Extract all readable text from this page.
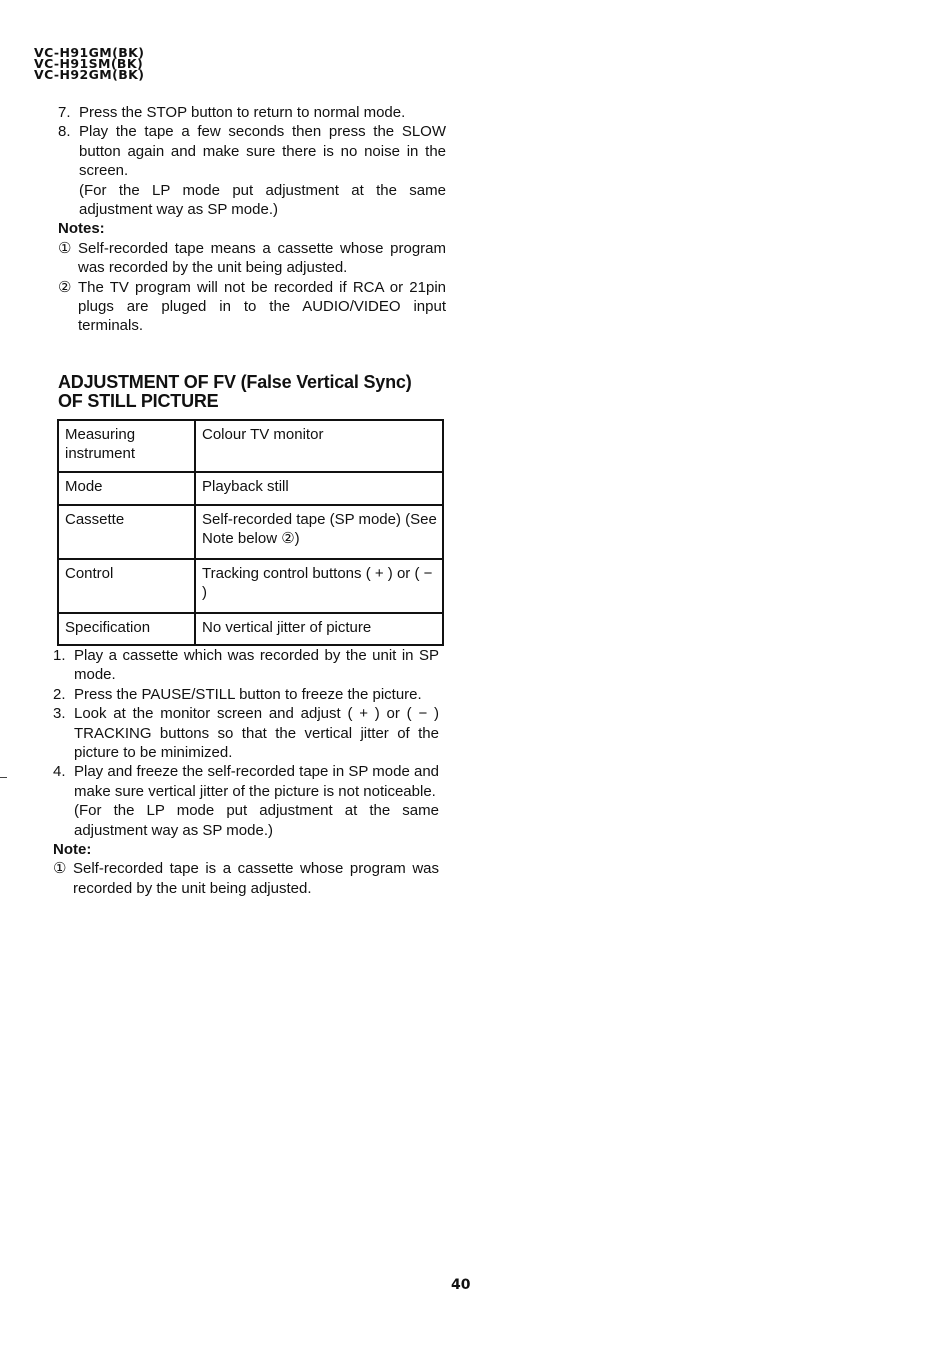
VC-H91GM(BK)
VC-H91SM(BK)
VC-H92GM(BK)
7. Press the STOP button to return to normal mode.
8. Play the tape a few seconds then press the SLOW button again and make sure there is no noise in the screen.
(For the LP mode put adjustment at the same adjustment way as SP mode.)
Notes:
① Self-recorded tape means a cassette whose program was recorded by the unit being adjusted.
② The TV program will not be recorded if RCA or 21pin plugs are pluged in to the AUDIO/VIDEO input terminals.
ADJUSTMENT OF FV (False Vertical Sync)
OF STILL PICTURE
Measuring instrument	Colour TV monitor
Mode	Playback still
Cassette	Self-recorded tape (SP mode) (See Note below ②)
Control	Tracking control buttons ( + ) or ( − )
Specification	No vertical jitter of picture
1. Play a cassette which was recorded by the unit in SP mode.
2. Press the PAUSE/STILL button to freeze the picture.
3. Look at the monitor screen and adjust ( + ) or ( − ) TRACKING buttons so that the vertical jitter of the picture to be minimized.
4. Play and freeze the self-recorded tape in SP mode and make sure vertical jitter of the picture is not noticeable.
(For the LP mode put adjustment at the same adjustment way as SP mode.)
Note:
① Self-recorded tape is a cassette whose program was recorded by the unit being adjusted.
40
